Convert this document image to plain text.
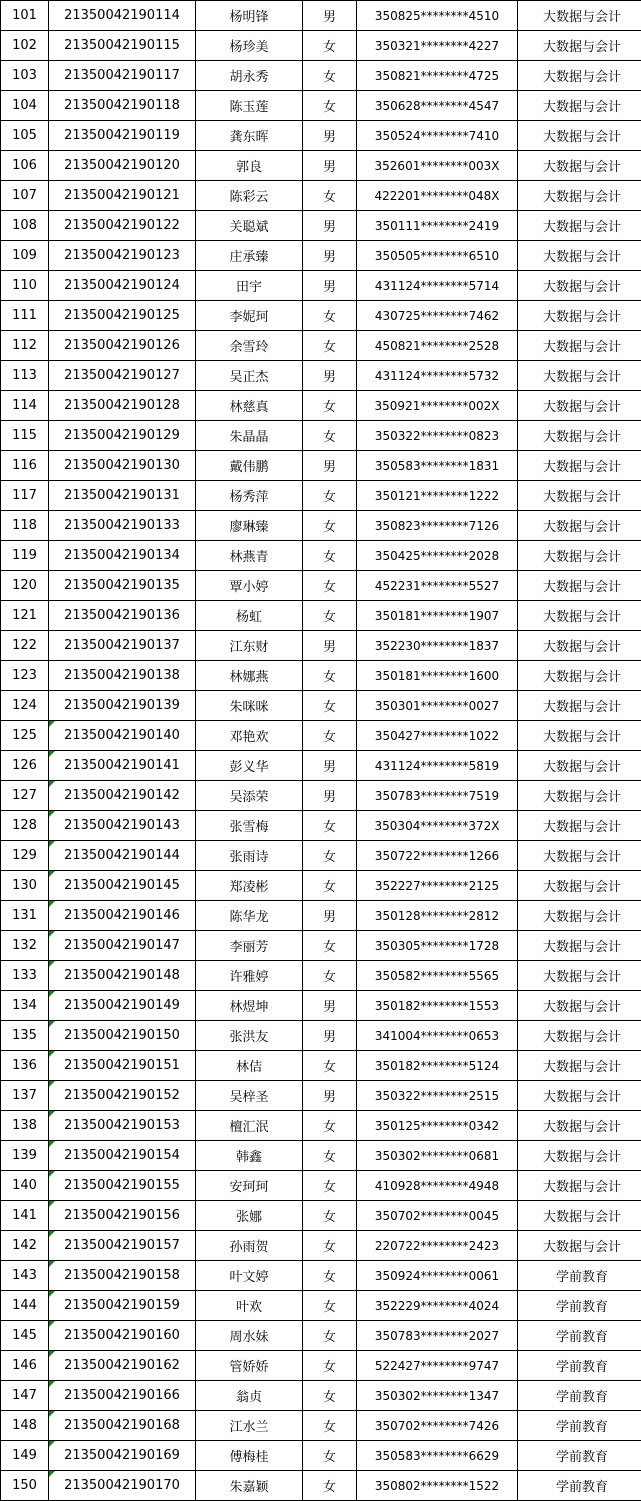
101	21350042190114	杨明锋	男	350825********4510	大数据与会计
102	21350042190115	杨珍美	女	350321********4227	大数据与会计
103	21350042190117	胡永秀	女	350821********4725	大数据与会计
104	21350042190118	陈玉莲	女	350628********4547	大数据与会计
105	21350042190119	龚东晖	男	350524********7410	大数据与会计
106	21350042190120	郭良	男	352601********003X	大数据与会计
107	21350042190121	陈彩云	女	422201********048X	大数据与会计
108	21350042190122	关聪斌	男	350111********2419	大数据与会计
109	21350042190123	庄承臻	男	350505********6510	大数据与会计
110	21350042190124	田宇	男	431124********5714	大数据与会计
111	21350042190125	李妮珂	女	430725********7462	大数据与会计
112	21350042190126	余雪玲	女	450821********2528	大数据与会计
113	21350042190127	吴正杰	男	431124********5732	大数据与会计
114	21350042190128	林慈真	女	350921********002X	大数据与会计
115	21350042190129	朱晶晶	女	350322********0823	大数据与会计
116	21350042190130	戴伟鹏	男	350583********1831	大数据与会计
117	21350042190131	杨秀萍	女	350121********1222	大数据与会计
118	21350042190133	廖琳臻	女	350823********7126	大数据与会计
119	21350042190134	林燕青	女	350425********2028	大数据与会计
120	21350042190135	覃小婷	女	452231********5527	大数据与会计
121	21350042190136	杨虹	女	350181********1907	大数据与会计
122	21350042190137	江东财	男	352230********1837	大数据与会计
123	21350042190138	林娜燕	女	350181********1600	大数据与会计
124	21350042190139	朱咪咪	女	350301********0027	大数据与会计
125	21350042190140	邓艳欢	女	350427********1022	大数据与会计
126	21350042190141	彭义华	男	431124********5819	大数据与会计
127	21350042190142	吴添荣	男	350783********7519	大数据与会计
128	21350042190143	张雪梅	女	350304********372X	大数据与会计
129	21350042190144	张雨诗	女	350722********1266	大数据与会计
130	21350042190145	郑凌彬	女	352227********2125	大数据与会计
131	21350042190146	陈华龙	男	350128********2812	大数据与会计
132	21350042190147	李丽芳	女	350305********1728	大数据与会计
133	21350042190148	许雅婷	女	350582********5565	大数据与会计
134	21350042190149	林煜坤	男	350182********1553	大数据与会计
135	21350042190150	张洪友	男	341004********0653	大数据与会计
136	21350042190151	林佶	女	350182********5124	大数据与会计
137	21350042190152	吴梓圣	男	350322********2515	大数据与会计
138	21350042190153	檀汇泯	女	350125********0342	大数据与会计
139	21350042190154	韩鑫	女	350302********0681	大数据与会计
140	21350042190155	安珂珂	女	410928********4948	大数据与会计
141	21350042190156	张娜	女	350702********0045	大数据与会计
142	21350042190157	孙雨贺	女	220722********2423	大数据与会计
143	21350042190158	叶文婷	女	350924********0061	学前教育
144	21350042190159	叶欢	女	352229********4024	学前教育
145	21350042190160	周水妹	女	350783********2027	学前教育
146	21350042190162	管娇娇	女	522427********9747	学前教育
147	21350042190166	翁贞	女	350302********1347	学前教育
148	21350042190168	江水兰	女	350702********7426	学前教育
149	21350042190169	傅梅桂	女	350583********6629	学前教育
150	21350042190170	朱嘉颖	女	350802********1522	学前教育
